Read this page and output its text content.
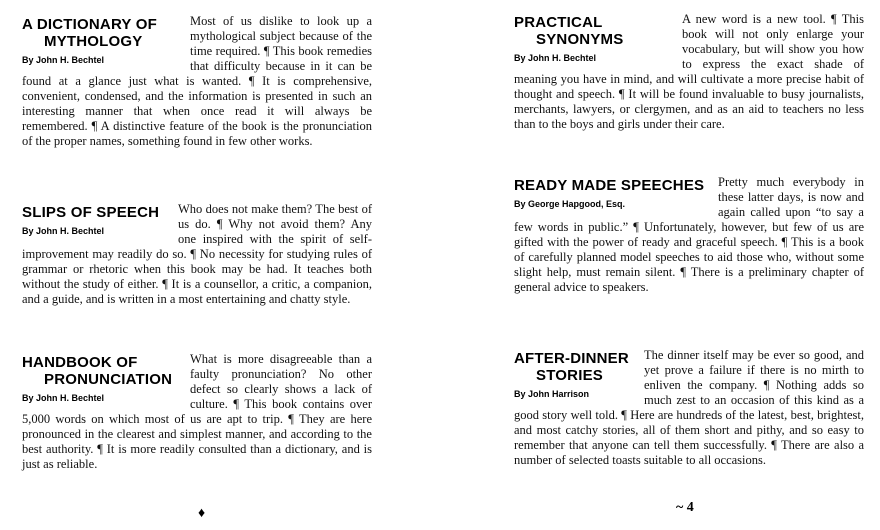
A DICTIONARY OF
MYTHOLOGY
By John H. Bechtel
Most of us dislike to look up a mythological subject because of the time required. ¶ This book remedies that difficulty because in it can be found at a glance just what is wanted. ¶ It is comprehensive, convenient, condensed, and the information is presented in such an interesting manner that when once read it will always be remembered. ¶ A distinctive feature of the book is the pronunciation of the proper names, something found in few other works.
SLIPS OF SPEECH
By John H. Bechtel
Who does not make them? The best of us do. ¶ Why not avoid them? Any one inspired with the spirit of self-improvement may readily do so. ¶ No necessity for studying rules of grammar or rhetoric when this book may be had. It teaches both without the study of either. ¶ It is a counsellor, a critic, a companion, and a guide, and is written in a most entertaining and chatty style.
HANDBOOK OF
PRONUNCIATION
By John H. Bechtel
What is more disagreeable than a faulty pronunciation? No other defect so clearly shows a lack of culture. ¶ This book contains over 5,000 words on which most of us are apt to trip. ¶ They are here pronounced in the clearest and simplest manner, and according to the best authority. ¶ It is more readily consulted than a dictionary, and is just as reliable.
♦
PRACTICAL
SYNONYMS
By John H. Bechtel
A new word is a new tool. ¶ This book will not only enlarge your vocabulary, but will show you how to express the exact shade of meaning you have in mind, and will cultivate a more precise habit of thought and speech. ¶ It will be found invaluable to busy journalists, merchants, lawyers, or clergymen, and as an aid to teachers no less than to the boys and girls under their care.
READY MADE SPEECHES
By George Hapgood, Esq.
Pretty much everybody in these latter days, is now and again called upon “to say a few words in public.” ¶ Unfortunately, however, but few of us are gifted with the power of ready and graceful speech. ¶ This is a book of carefully planned model speeches to aid those who, without some slight help, must remain silent. ¶ There is a preliminary chapter of general advice to speakers.
AFTER-DINNER
STORIES
By John Harrison
The dinner itself may be ever so good, and yet prove a failure if there is no mirth to enliven the company. ¶ Nothing adds so much zest to an occasion of this kind as a good story well told. ¶ Here are hundreds of the latest, best, brightest, and most catchy stories, all of them short and pithy, and so easy to remember that anyone can tell them successfully. ¶ There are also a number of selected toasts suitable to all occasions.
~ 4
